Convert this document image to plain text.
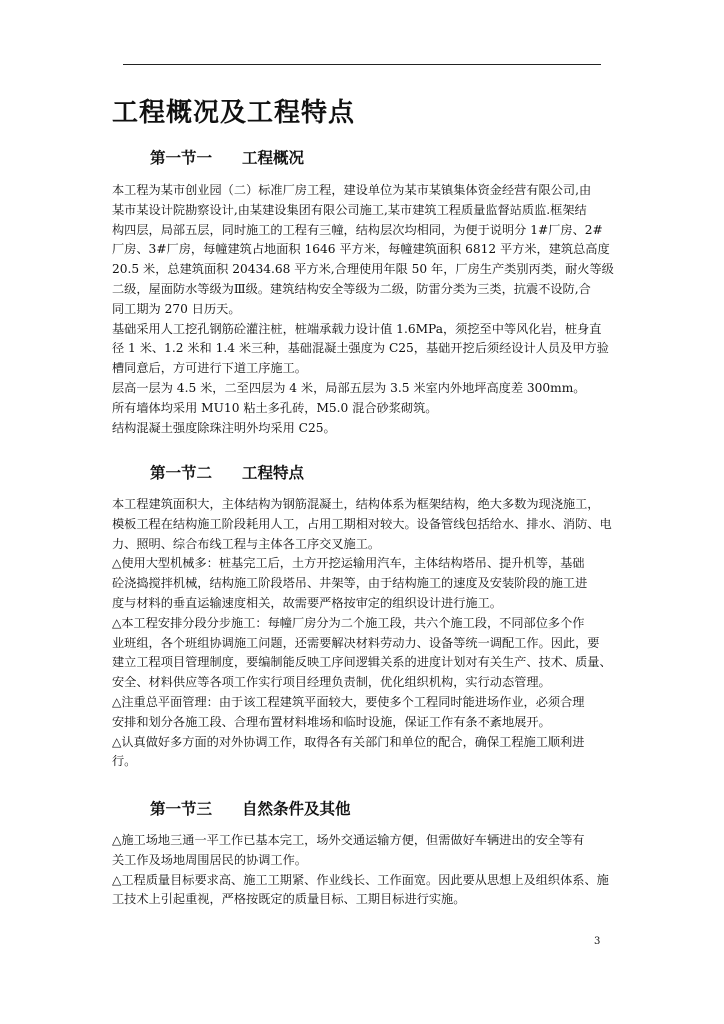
工程概况及工程特点
第一节一 工程概况

本工程为某市创业园（二）标准厂房工程，建设单位为某市某镇集体资金经营有限公司,由

某市某设计院勘察设计,由某建设集团有限公司施工,某市建筑工程质量监督站质监.框架结

构四层，局部五层，同时施工的工程有三幢，结构层次均相同，为便于说明分 1#厂房、2#

厂房、3#厂房，每幢建筑占地面积 1646 平方米，每幢建筑面积 6812 平方米，建筑总高度

20.5 米，总建筑面积 20434.68 平方米,合理使用年限 50 年，厂房生产类别丙类，耐火等级

二级，屋面防水等级为Ⅲ级。建筑结构安全等级为二级，防雷分类为三类，抗震不设防,合

同工期为 270 日历天。

基础采用人工挖孔钢筋砼灌注桩，桩端承载力设计值 1.6MPa，须挖至中等风化岩，桩身直

径 1 米、1.2 米和 1.4 米三种，基础混凝土强度为 C25，基础开挖后须经设计人员及甲方验

槽同意后，方可进行下道工序施工。

层高一层为 4.5 米，二至四层为 4 米，局部五层为 3.5 米室内外地坪高度差 300mm。

所有墙体均采用 MU10 粘土多孔砖，M5.0 混合砂浆砌筑。

结构混凝土强度除珠注明外均采用 C25。

第一节二 工程特点

本工程建筑面积大，主体结构为钢筋混凝土，结构体系为框架结构，绝大多数为现浇施工，

模板工程在结构施工阶段耗用人工，占用工期相对较大。设备管线包括给水、排水、消防、电

力、照明、综合布线工程与主体各工序交叉施工。

△使用大型机械多：桩基完工后，土方开挖运输用汽车，主体结构塔吊、提升机等，基础

砼浇捣搅拌机械，结构施工阶段塔吊、井架等，由于结构施工的速度及安装阶段的施工进

度与材料的垂直运输速度相关，故需要严格按审定的组织设计进行施工。

△本工程安排分段分步施工：每幢厂房分为二个施工段，共六个施工段，不同部位多个作

业班组，各个班组协调施工问题，还需要解决材料劳动力、设备等统一调配工作。因此，要

建立工程项目管理制度，要编制能反映工序间逻辑关系的进度计划对有关生产、技术、质量、

安全、材料供应等各项工作实行项目经理负责制，优化组织机构，实行动态管理。

△注重总平面管理：由于该工程建筑平面较大，要使多个工程同时能进场作业，必须合理

安排和划分各施工段、合理布置材料堆场和临时设施，保证工作有条不紊地展开。

△认真做好多方面的对外协调工作，取得各有关部门和单位的配合，确保工程施工顺利进

行。

第一节三 自然条件及其他

△施工场地三通一平工作已基本完工，场外交通运输方便，但需做好车辆进出的安全等有

关工作及场地周围居民的协调工作。

△工程质量目标要求高、施工工期紧、作业线长、工作面宽。因此要从思想上及组织体系、施

工技术上引起重视，严格按既定的质量目标、工期目标进行实施。

3
